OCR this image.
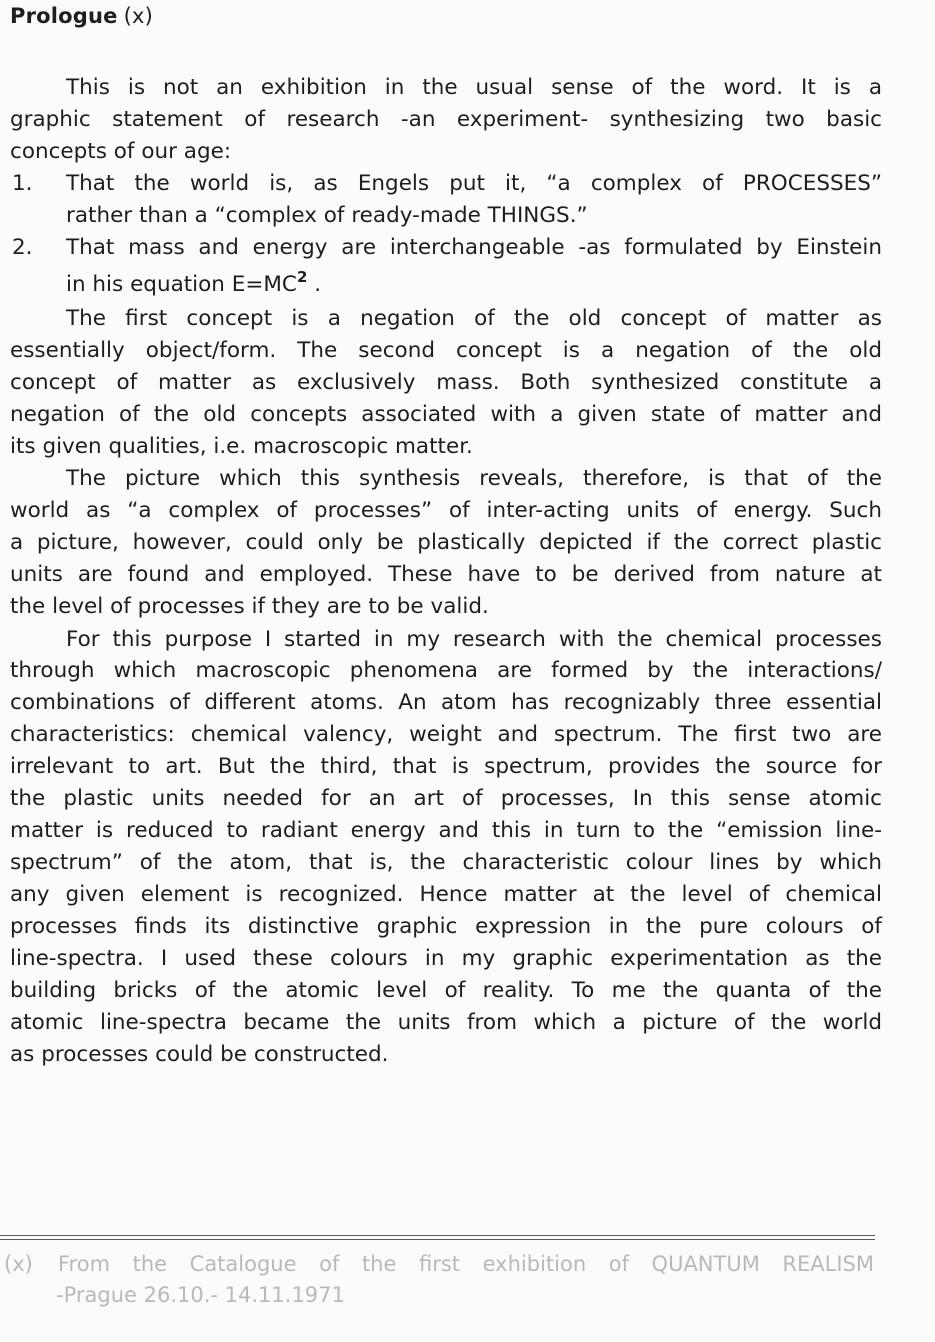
Prologue (x)
This is not an exhibition in the usual sense of the word. It is a
graphic statement of research -an experiment- synthesizing two basic
concepts of our age:
1. That the world is, as Engels put it, “a complex of PROCESSES”
rather than a “complex of ready-made THINGS.”
2. That mass and energy are interchangeable -as formulated by Einstein
in his equation $E=MC^2$ .
The first concept is a negation of the old concept of matter as
essentially object/form. The second concept is a negation of the old
concept of matter as exclusively mass. Both synthesized constitute a
negation of the old concepts associated with a given state of matter and
its given qualities, i.e. macroscopic matter.
The picture which this synthesis reveals, therefore, is that of the
world as “a complex of processes” of inter-acting units of energy. Such
a picture, however, could only be plastically depicted if the correct plastic
units are found and employed. These have to be derived from nature at
the level of processes if they are to be valid.
For this purpose I started in my research with the chemical processes
through which macroscopic phenomena are formed by the interactions/
combinations of different atoms. An atom has recognizably three essential
characteristics: chemical valency, weight and spectrum. The first two are
irrelevant to art. But the third, that is spectrum, provides the source for
the plastic units needed for an art of processes, In this sense atomic
matter is reduced to radiant energy and this in turn to the “emission line-
spectrum” of the atom, that is, the characteristic colour lines by which
any given element is recognized. Hence matter at the level of chemical
processes finds its distinctive graphic expression in the pure colours of
line-spectra. I used these colours in my graphic experimentation as the
building bricks of the atomic level of reality. To me the quanta of the
atomic line-spectra became the units from which a picture of the world
as processes could be constructed.
(x)	From the Catalogue of the first exhibition of QUANTUM REALISM
-Prague 26.10.- 14.11.1971
